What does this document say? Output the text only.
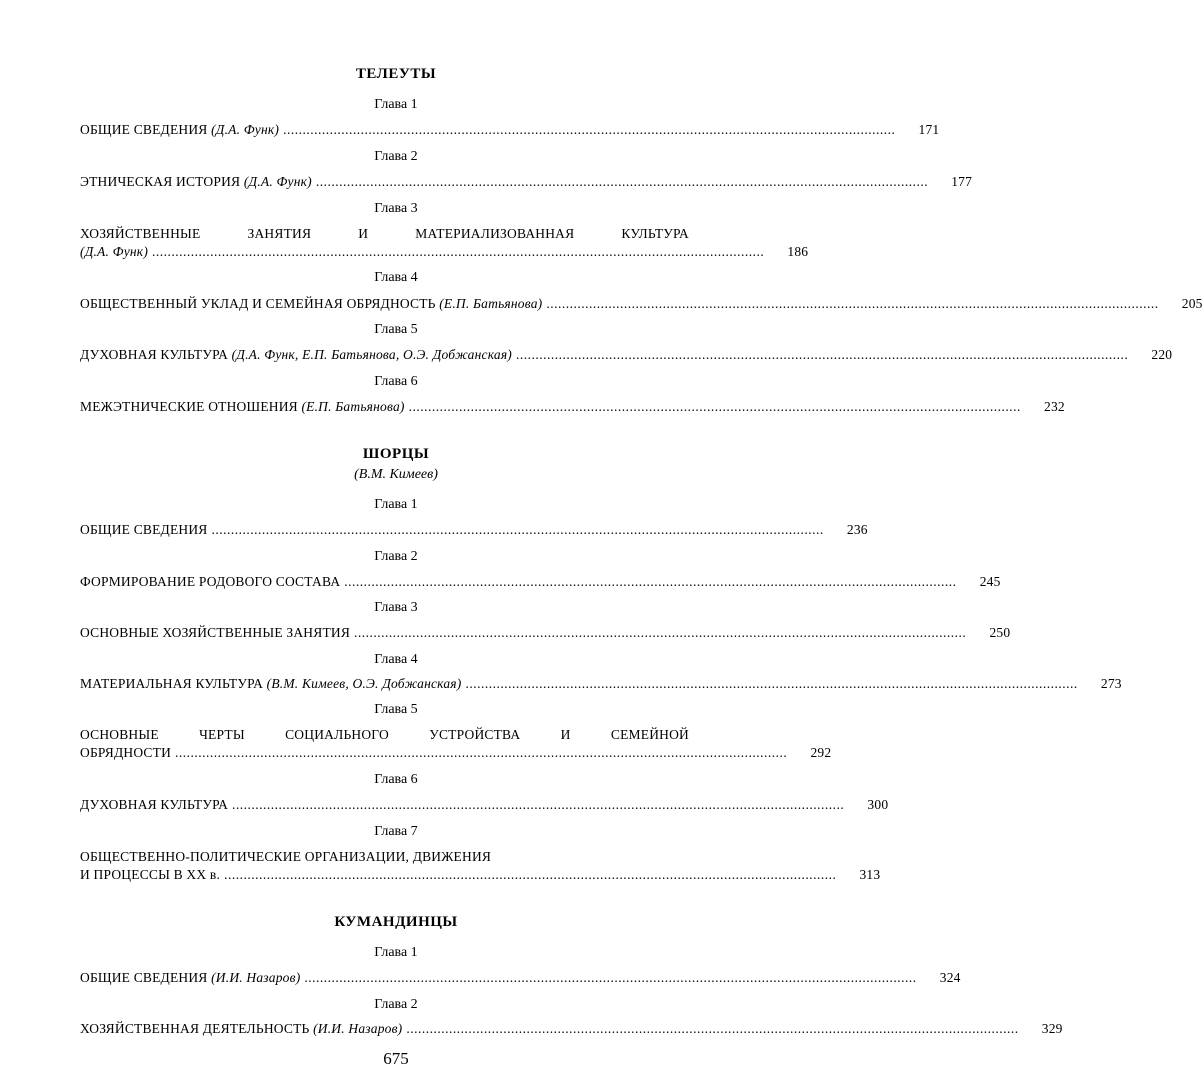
ТЕЛЕУТЫ
Глава 1
ОБЩИЕ СВЕДЕНИЯ (Д.А. Функ) ..............................................................................................................................................................	171
Глава 2
ЭТНИЧЕСКАЯ ИСТОРИЯ (Д.А. Функ) ..............................................................................................................................................................	177
Глава 3
ХОЗЯЙСТВЕННЫЕ ЗАНЯТИЯ И МАТЕРИАЛИЗОВАННАЯ КУЛЬТУРА
(Д.А. Функ) ..............................................................................................................................................................	186
Глава 4
ОБЩЕСТВЕННЫЙ УКЛАД И СЕМЕЙНАЯ ОБРЯДНОСТЬ (Е.П. Батьянова) ..............................................................................................................................................................	205
Глава 5
ДУХОВНАЯ КУЛЬТУРА (Д.А. Функ, Е.П. Батьянова, О.Э. Добжанская) ..............................................................................................................................................................	220
Глава 6
МЕЖЭТНИЧЕСКИЕ ОТНОШЕНИЯ (Е.П. Батьянова) ..............................................................................................................................................................	232
ШОРЦЫ
(В.М. Кимеев)
Глава 1
ОБЩИЕ СВЕДЕНИЯ ..............................................................................................................................................................	236
Глава 2
ФОРМИРОВАНИЕ РОДОВОГО СОСТАВА ..............................................................................................................................................................	245
Глава 3
ОСНОВНЫЕ ХОЗЯЙСТВЕННЫЕ ЗАНЯТИЯ ..............................................................................................................................................................	250
Глава 4
МАТЕРИАЛЬНАЯ КУЛЬТУРА (В.М. Кимеев, О.Э. Добжанская) ..............................................................................................................................................................	273
Глава 5
ОСНОВНЫЕ ЧЕРТЫ СОЦИАЛЬНОГО УСТРОЙСТВА И СЕМЕЙНОЙ
ОБРЯДНОСТИ ..............................................................................................................................................................	292
Глава 6
ДУХОВНАЯ КУЛЬТУРА ..............................................................................................................................................................	300
Глава 7
ОБЩЕСТВЕННО-ПОЛИТИЧЕСКИЕ ОРГАНИЗАЦИИ, ДВИЖЕНИЯ
И ПРОЦЕССЫ В XX в. ..............................................................................................................................................................	313
КУМАНДИНЦЫ
Глава 1
ОБЩИЕ СВЕДЕНИЯ (И.И. Назаров) ..............................................................................................................................................................	324
Глава 2
ХОЗЯЙСТВЕННАЯ ДЕЯТЕЛЬНОСТЬ (И.И. Назаров) ..............................................................................................................................................................	329
675
